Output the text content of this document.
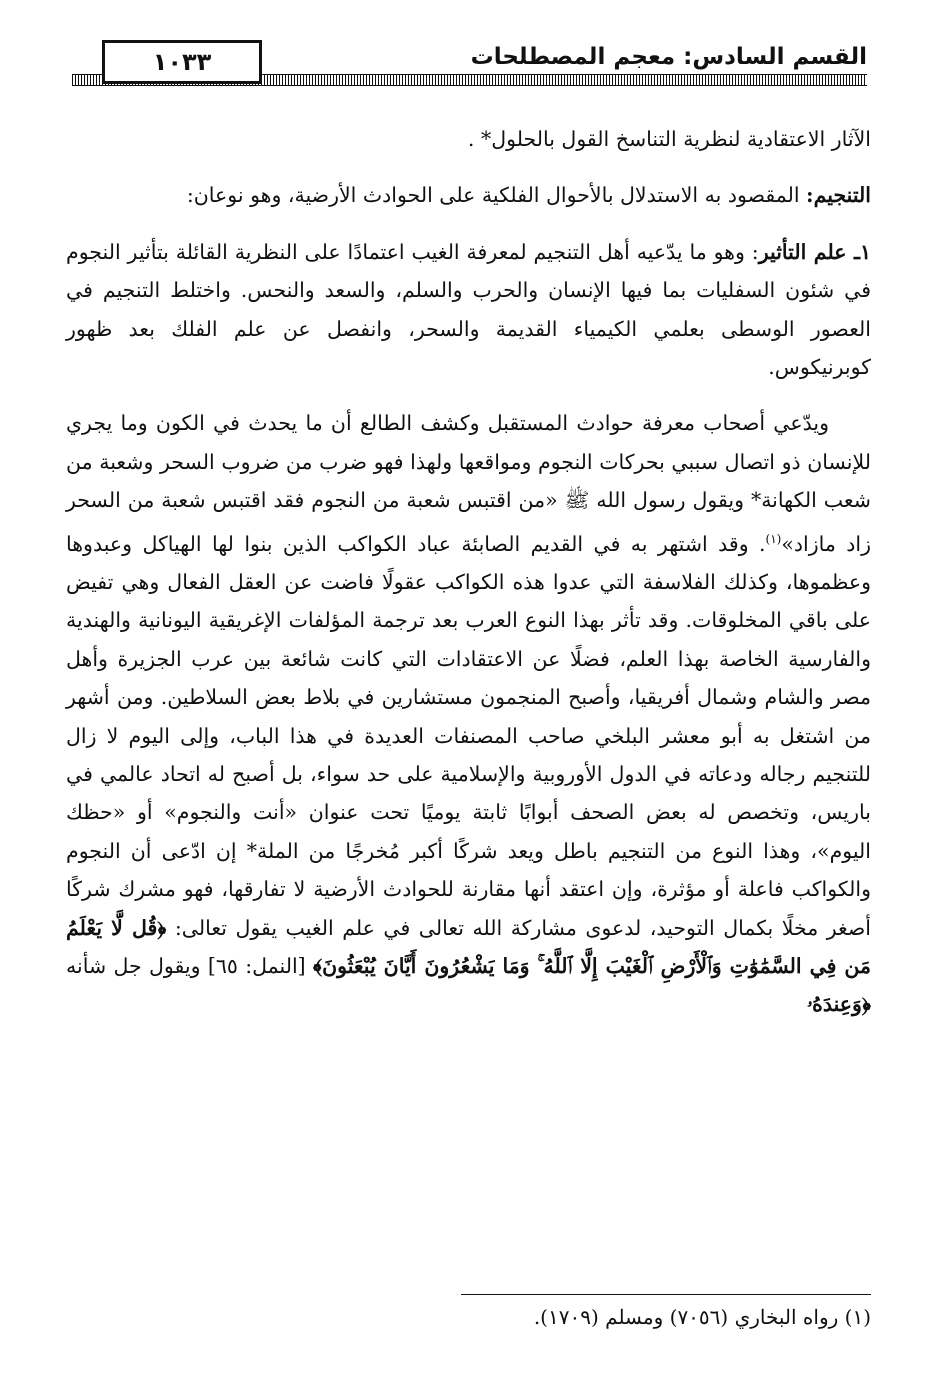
القسم السادس: معجم المصطلحات
١٠٣٣

الآثار الاعتقادية لنظرية التناسخ القول بالحلول* .

التنجيم: المقصود به الاستدلال بالأحوال الفلكية على الحوادث الأرضية، وهو نوعان:

١ـ علم التأثير: وهو ما يدّعيه أهل التنجيم لمعرفة الغيب اعتمادًا على النظرية القائلة بتأثير النجوم في شئون السفليات بما فيها الإنسان والحرب والسلم، والسعد والنحس. واختلط التنجيم في العصور الوسطى بعلمي الكيمياء القديمة والسحر، وانفصل عن علم الفلك بعد ظهور كوبرنيكوس.

ويدّعي أصحاب معرفة حوادث المستقبل وكشف الطالع أن ما يحدث في الكون وما يجري للإنسان ذو اتصال سببي بحركات النجوم ومواقعها ولهذا فهو ضرب من ضروب السحر وشعبة من شعب الكهانة* ويقول رسول الله ﷺ «من اقتبس شعبة من النجوم فقد اقتبس شعبة من السحر زاد مازاد»$^{(١)}$. وقد اشتهر به في القديم الصابئة عباد الكواكب الذين بنوا لها الهياكل وعبدوها وعظموها، وكذلك الفلاسفة التي عدوا هذه الكواكب عقولًا فاضت عن العقل الفعال وهي تفيض على باقي المخلوقات. وقد تأثر بهذا النوع العرب بعد ترجمة المؤلفات الإغريقية اليونانية والهندية والفارسية الخاصة بهذا العلم، فضلًا عن الاعتقادات التي كانت شائعة بين عرب الجزيرة وأهل مصر والشام وشمال أفريقيا، وأصبح المنجمون مستشارين في بلاط بعض السلاطين. ومن أشهر من اشتغل به أبو معشر البلخي صاحب المصنفات العديدة في هذا الباب، وإلى اليوم لا زال للتنجيم رجاله ودعاته في الدول الأوروبية والإسلامية على حد سواء، بل أصبح له اتحاد عالمي في باريس، وتخصص له بعض الصحف أبوابًا ثابتة يوميًا تحت عنوان «أنت والنجوم» أو «حظك اليوم»، وهذا النوع من التنجيم باطل ويعد شركًا أكبر مُخرجًا من الملة* إن ادّعى أن النجوم والكواكب فاعلة أو مؤثرة، وإن اعتقد أنها مقارنة للحوادث الأرضية لا تفارقها، فهو مشرك شركًا أصغر مخلًا بكمال التوحيد، لدعوى مشاركة الله تعالى في علم الغيب يقول تعالى: ﴿قُل لَّا يَعْلَمُ مَن فِي السَّمَٰوَٰتِ وَٱلْأَرْضِ ٱلْغَيْبَ إِلَّا ٱللَّهُ ۚ وَمَا يَشْعُرُونَ أَيَّانَ يُبْعَثُونَ﴾ [النمل: ٦٥] ويقول جل شأنه ﴿وَعِندَهُۥ

(١) رواه البخاري (٧٠٥٦) ومسلم (١٧٠٩).
